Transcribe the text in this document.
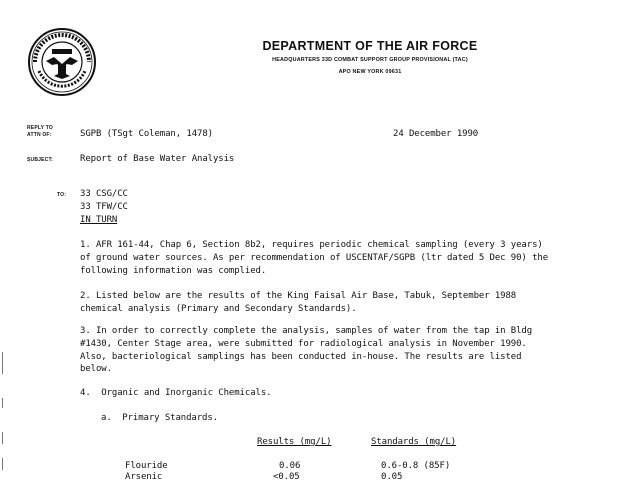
DEPARTMENT OF THE AIR FORCE
HEADQUARTERS 33D COMBAT SUPPORT GROUP PROVISIONAL (TAC)
APO NEW YORK 09631
REPLY TO
ATTN OF:	SGPB (TSgt Coleman, 1478)	24 December 1990
SUBJECT:	Report of Base Water Analysis
TO: 33 CSG/CC
33 TFW/CC
IN TURN
1. AFR 161-44, Chap 6, Section 8b2, requires periodic chemical sampling (every 3 years) of ground water sources. As per recommendation of USCENTAF/SGPB (ltr dated 5 Dec 90) the following information was complied.
2. Listed below are the results of the King Faisal Air Base, Tabuk, September 1988 chemical analysis (Primary and Secondary Standards).
3. In order to correctly complete the analysis, samples of water from the tap in Bldg #1430, Center Stage area, were submitted for radiological analysis in November 1990. Also, bacteriological samplings has been conducted in-house. The results are listed below.
4.  Organic and Inorganic Chemicals.
a.  Primary Standards.
Results (mg/L)	Standards (mg/L)
Flouride	0.06	0.6-0.8 (85F)
Arsenic	<0.05	0.05
